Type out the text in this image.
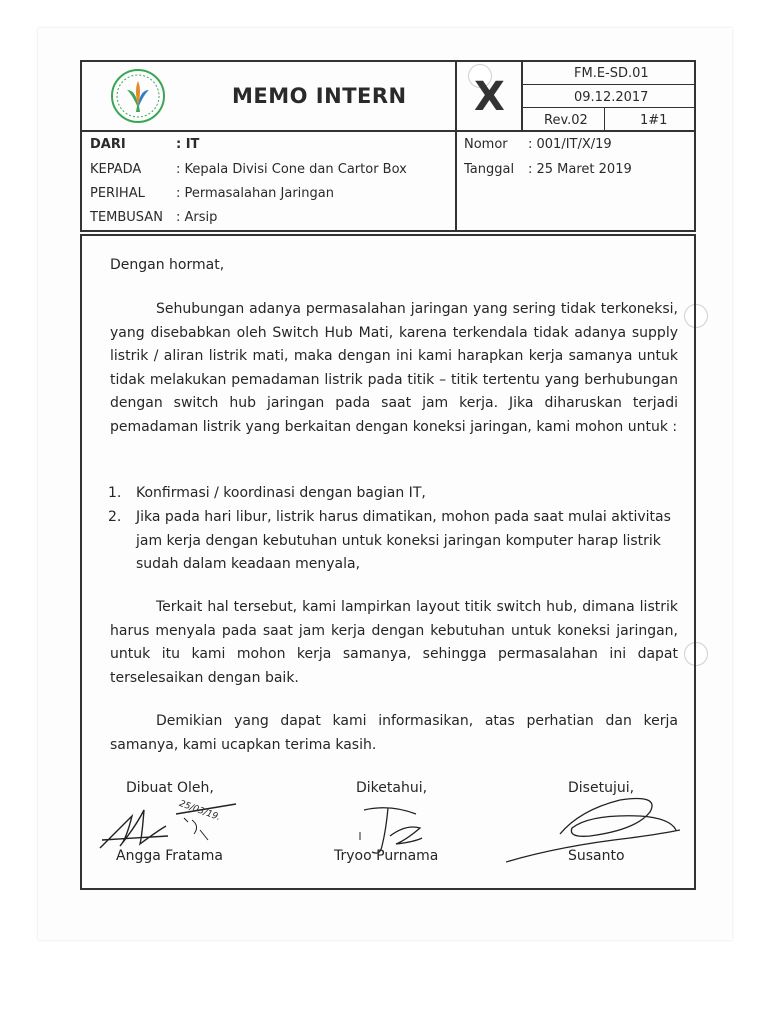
MEMO INTERN X
FM.E-SD.01
09.12.2017
Rev.02	1#1
DARI	: IT
KEPADA	: Kepala Divisi Cone dan Cartor Box
PERIHAL : Permasalahan Jaringan
TEMBUSAN : Arsip
Nomor : 001/IT/X/19
Tanggal : 25 Maret 2019
Dengan hormat,
Sehubungan adanya permasalahan jaringan yang sering tidak terkoneksi, yang disebabkan oleh Switch Hub Mati, karena terkendala tidak adanya supply listrik / aliran listrik mati, maka dengan ini kami harapkan kerja samanya untuk tidak melakukan pemadaman listrik pada titik – titik tertentu yang berhubungan dengan switch hub jaringan pada saat jam kerja. Jika diharuskan terjadi pemadaman listrik yang berkaitan dengan koneksi jaringan, kami mohon untuk :
1. Konfirmasi / koordinasi dengan bagian IT,
2. Jika pada hari libur, listrik harus dimatikan, mohon pada saat mulai aktivitas jam kerja dengan kebutuhan untuk koneksi jaringan komputer harap listrik sudah dalam keadaan menyala,
Terkait hal tersebut, kami lampirkan layout titik switch hub, dimana listrik harus menyala pada saat jam kerja dengan kebutuhan untuk koneksi jaringan, untuk itu kami mohon kerja samanya, sehingga permasalahan ini dapat terselesaikan dengan baik.
Demikian yang dapat kami informasikan, atas perhatian dan kerja samanya, kami ucapkan terima kasih.
Dibuat Oleh,	Diketahui,	Disetujui,
25/03/19.
Angga Fratama	Tryoo Purnama	Susanto
